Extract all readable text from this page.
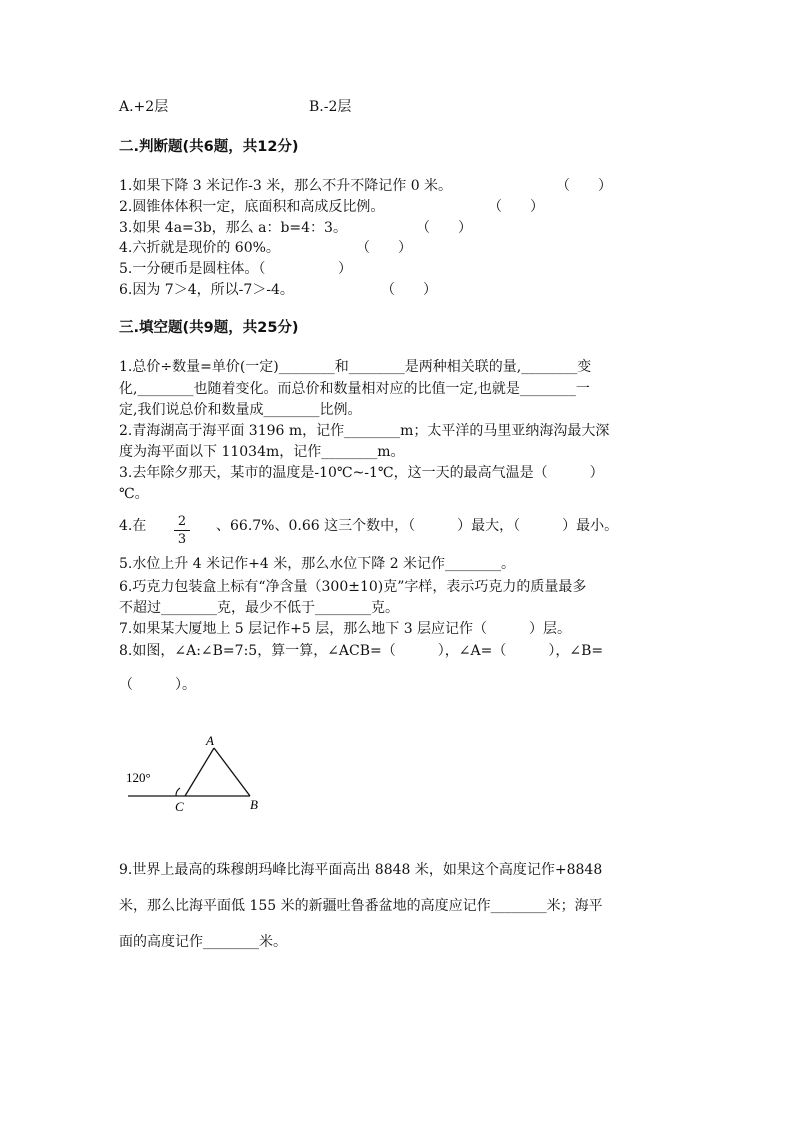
A.+2层	B.-2层
二.判断题(共6题，共12分)
1.如果下降 3 米记作-3 米，那么不升不降记作 0 米。	（　　）
2.圆锥体体积一定，底面积和高成反比例。	（　　）
3.如果 4a=3b，那么 a：b=4：3。	（　　）
4.六折就是现价的 60%。	（　　）
5.一分硬币是圆柱体。（	）
6.因为 7＞4，所以-7＞-4。	（　　）
三.填空题(共9题，共25分)
1.总价÷数量=单价(一定)________和________是两种相关联的量,________变
化,________也随着变化。而总价和数量相对应的比值一定,也就是________一
定,我们说总价和数量成________比例。
2.青海湖高于海平面 3196 m，记作________m；太平洋的马里亚纳海沟最大深
度为海平面以下 11034m，记作________m。
3.去年除夕那天，某市的温度是-10℃~-1℃，这一天的最高气温是（　　　）
℃。
4.在 2
3
、66.7%、0.66 这三个数中，（　　　）最大，（　　　）最小。
5.水位上升 4 米记作+4 米，那么水位下降 2 米记作________。
6.巧克力包装盒上标有“净含量（300±10)克”字样，表示巧克力的质量最多
不超过________克，最少不低于________克。
7.如果某大厦地上 5 层记作+5 层，那么地下 3 层应记作（　　　）层。
8.如图，∠A:∠B=7:5，算一算，∠ACB=（　　　），∠A=（　　　），∠B=
（　　　）。
120°
A
C	B
9.世界上最高的珠穆朗玛峰比海平面高出 8848 米，如果这个高度记作+8848
米，那么比海平面低 155 米的新疆吐鲁番盆地的高度应记作________米；海平
面的高度记作________米。
